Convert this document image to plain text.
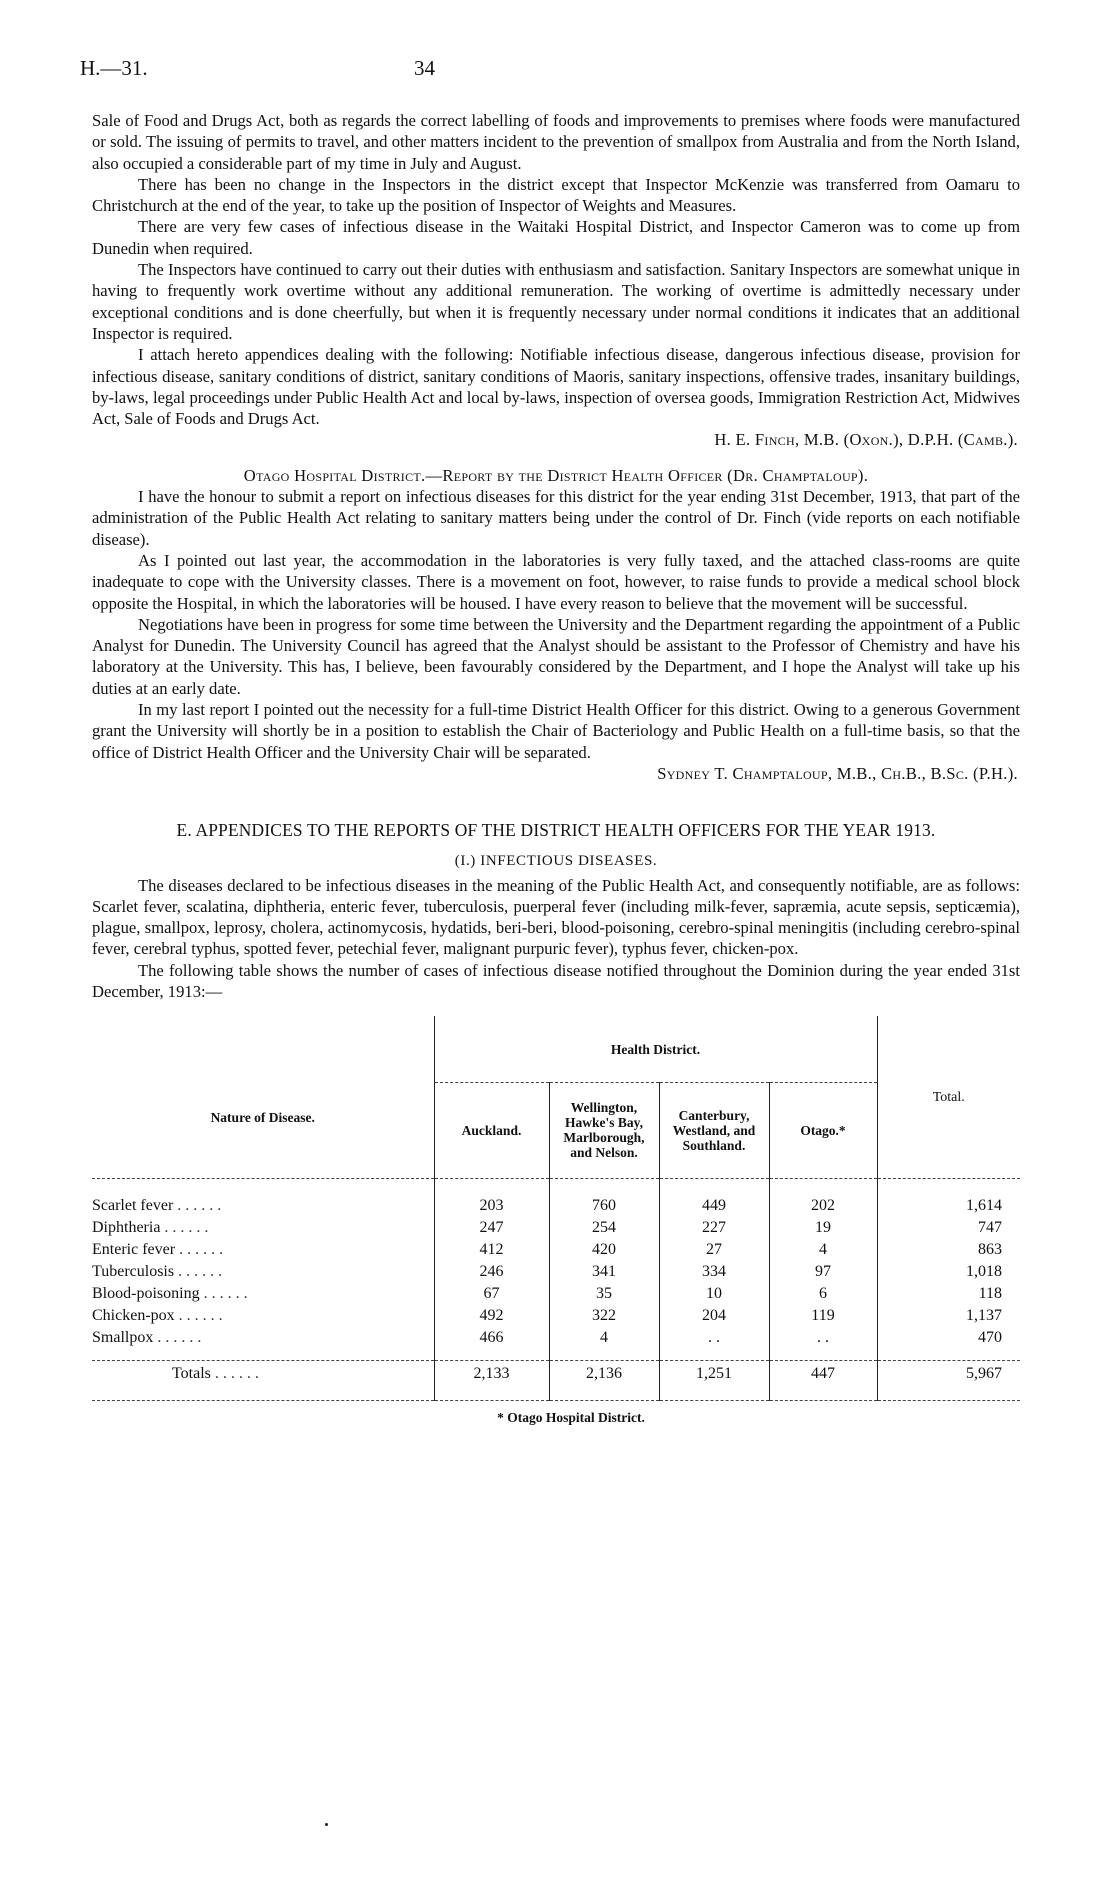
H.—31.	34

Sale of Food and Drugs Act, both as regards the correct labelling of foods and improvements to premises where foods were manufactured or sold. The issuing of permits to travel, and other matters incident to the prevention of smallpox from Australia and from the North Island, also occupied a considerable part of my time in July and August.

There has been no change in the Inspectors in the district except that Inspector McKenzie was transferred from Oamaru to Christchurch at the end of the year, to take up the position of Inspector of Weights and Measures.

There are very few cases of infectious disease in the Waitaki Hospital District, and Inspector Cameron was to come up from Dunedin when required.

The Inspectors have continued to carry out their duties with enthusiasm and satisfaction. Sanitary Inspectors are somewhat unique in having to frequently work overtime without any additional remuneration. The working of overtime is admittedly necessary under exceptional conditions and is done cheerfully, but when it is frequently necessary under normal conditions it indicates that an additional Inspector is required.

I attach hereto appendices dealing with the following: Notifiable infectious disease, dangerous infectious disease, provision for infectious disease, sanitary conditions of district, sanitary conditions of Maoris, sanitary inspections, offensive trades, insanitary buildings, by-laws, legal proceedings under Public Health Act and local by-laws, inspection of oversea goods, Immigration Restriction Act, Midwives Act, Sale of Foods and Drugs Act.

H. E. Finch, M.B. (Oxon.), D.P.H. (Camb.).

Otago Hospital District.—Report by the District Health Officer (Dr. Champtaloup).

I have the honour to submit a report on infectious diseases for this district for the year ending 31st December, 1913, that part of the administration of the Public Health Act relating to sanitary matters being under the control of Dr. Finch (vide reports on each notifiable disease).

As I pointed out last year, the accommodation in the laboratories is very fully taxed, and the attached class-rooms are quite inadequate to cope with the University classes. There is a movement on foot, however, to raise funds to provide a medical school block opposite the Hospital, in which the laboratories will be housed. I have every reason to believe that the movement will be successful.

Negotiations have been in progress for some time between the University and the Department regarding the appointment of a Public Analyst for Dunedin. The University Council has agreed that the Analyst should be assistant to the Professor of Chemistry and have his laboratory at the University. This has, I believe, been favourably considered by the Department, and I hope the Analyst will take up his duties at an early date.

In my last report I pointed out the necessity for a full-time District Health Officer for this district. Owing to a generous Government grant the University will shortly be in a position to establish the Chair of Bacteriology and Public Health on a full-time basis, so that the office of District Health Officer and the University Chair will be separated.

Sydney T. Champtaloup, M.B., Ch.B., B.Sc. (P.H.).

E. APPENDICES TO THE REPORTS OF THE DISTRICT HEALTH OFFICERS FOR THE YEAR 1913.
(I.) INFECTIOUS DISEASES.

The diseases declared to be infectious diseases in the meaning of the Public Health Act, and consequently notifiable, are as follows: Scarlet fever, scalatina, diphtheria, enteric fever, tuberculosis, puerperal fever (including milk-fever, sapræmia, acute sepsis, septicæmia), plague, smallpox, leprosy, cholera, actinomycosis, hydatids, beri-beri, blood-poisoning, cerebro-spinal meningitis (including cerebro-spinal fever, cerebral typhus, spotted fever, petechial fever, malignant purpuric fever), typhus fever, chicken-pox.

The following table shows the number of cases of infectious disease notified throughout the Dominion during the year ended 31st December, 1913:—

Nature of Disease.	Health District.				Total.
	Auckland.	Wellington, Hawke's Bay, Marlborough, and Nelson.	Canterbury, Westland, and Southland.	Otago.*	

Scarlet fever . . . . . .	203	760	449	202	1,614
Diphtheria . . . . . .	247	254	227	19	747
Enteric fever . . . . . .	412	420	27	4	863
Tuberculosis . . . . . .	246	341	334	97	1,018
Blood-poisoning . . . . . .	67	35	10	6	118
Chicken-pox . . . . . .	492	322	204	119	1,137
Smallpox . . . . . .	466	4	. .	. .	470

Totals . . . . . .	2,133	2,136	1,251	447	5,967

* Otago Hospital District.
